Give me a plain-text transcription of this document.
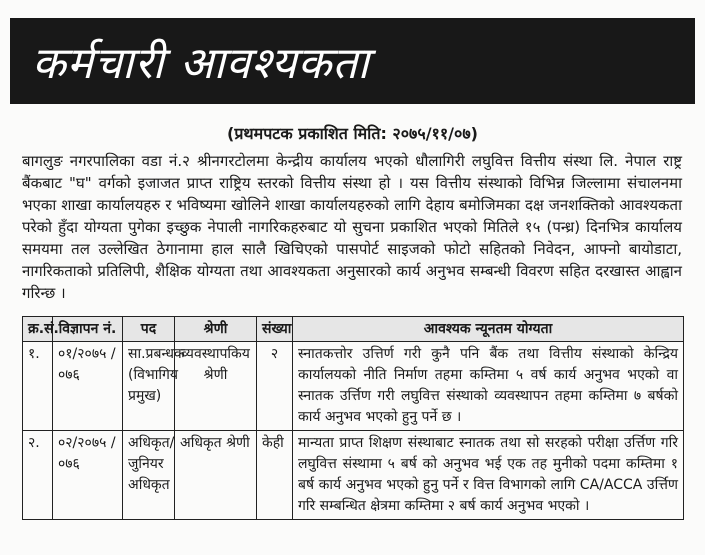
कर्मचारी आवश्यकता
(प्रथमपटक प्रकाशित मिति: २०७५/११/०७)

बागलुङ नगरपालिका वडा नं.२ श्रीनगरटोलमा केन्द्रीय कार्यालय भएको धौलागिरी लघुवित्त वित्तीय संस्था लि. नेपाल राष्ट्र बैंकबाट "घ" वर्गको इजाजत प्राप्त राष्ट्रिय स्तरको वित्तीय संस्था हो । यस वित्तीय संस्थाको विभिन्न जिल्लामा संचालनमा भएका शाखा कार्यालयहरु र भविष्यमा खोलिने शाखा कार्यालयहरुको लागि देहाय बमोजिमका दक्ष जनशक्तिको आवश्यकता परेको हुँदा योग्यता पुगेका इच्छुक नेपाली नागरिकहरुबाट यो सुचना प्रकाशित भएको मितिले १५ (पन्ध्र) दिनभित्र कार्यालय समयमा तल उल्लेखित ठेगानामा हाल सालै खिचिएको पासपोर्ट साइजको फोटो सहितको निवेदन, आफ्नो बायोडाटा, नागरिकताको प्रतिलिपी, शैक्षिक योग्यता तथा आवश्यकता अनुसारको कार्य अनुभव सम्बन्धी विवरण सहित दरखास्त आह्वान गरिन्छ ।

क्र.सं.	विज्ञापन नं.	पद	श्रेणी	संख्या	आवश्यक न्यूनतम योग्यता
१.	०१/२०७५ /०७६	सा.प्रबन्धक (विभागिय प्रमुख)	व्यवस्थापकिय श्रेणी	२	स्नातकत्तोर उत्तिर्ण गरी कुनै पनि बैंक तथा वित्तीय संस्थाको केन्द्रिय कार्यालयको नीति निर्माण तहमा कम्तिमा ५ वर्ष कार्य अनुभव भएको वा स्नातक उर्त्तिण गरी लघुवित्त संस्थाको व्यवस्थापन तहमा कम्तिमा ७ बर्षको कार्य अनुभव भएको हुनु पर्ने छ ।
२.	०२/२०७५ /०७६	अधिकृत/ जुनियर अधिकृत	अधिकृत श्रेणी	केही	मान्यता प्राप्त शिक्षण संस्थाबाट स्नातक तथा सो सरहको परीक्षा उर्त्तिण गरि लघुवित्त संस्थामा ५ बर्ष को अनुभव भई एक तह मुनीको पदमा कम्तिमा १ बर्ष कार्य अनुभव भएको हुनु पर्ने र वित्त विभागको लागि CA/ACCA उर्त्तिण गरि सम्बन्धित क्षेत्रमा कम्तिमा २ बर्ष कार्य अनुभव भएको ।
